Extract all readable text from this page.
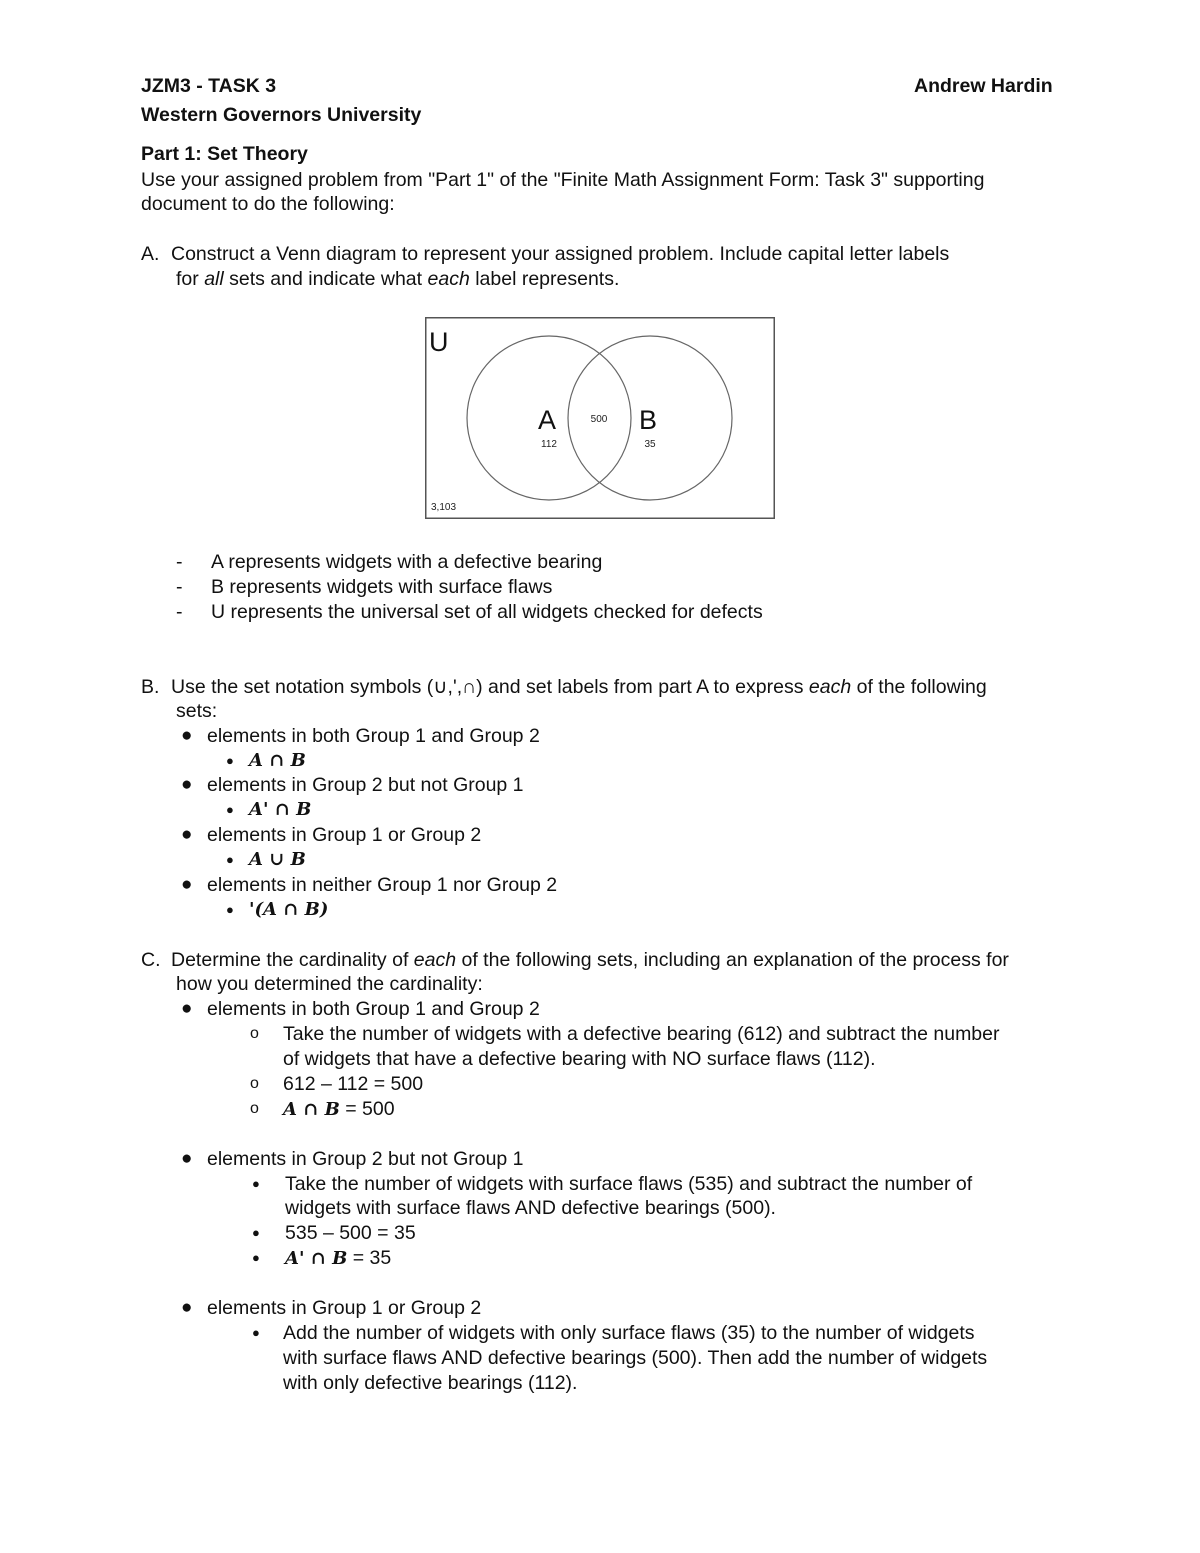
JZM3 - TASK 3	Andrew Hardin
Western Governors University
Part 1: Set Theory
Use your assigned problem from "Part 1" of the "Finite Math Assignment Form: Task 3" supporting
document to do the following:
A. Construct a Venn diagram to represent your assigned problem. Include capital letter labels
for all sets and indicate what each label represents.
U
A	B
112
500
35
3,103
- A represents widgets with a defective bearing
- B represents widgets with surface flaws
- U represents the universal set of all widgets checked for defects
B. Use the set notation symbols (∪,',∩) and set labels from part A to express each of the following
sets:
● elements in both Group 1 and Group 2
● A ∩ B
● elements in Group 2 but not Group 1
● A' ∩ B
● elements in Group 1 or Group 2
● A ∪ B
● elements in neither Group 1 nor Group 2
● '(A ∩ B)
C. Determine the cardinality of each of the following sets, including an explanation of the process for
how you determined the cardinality:
● elements in both Group 1 and Group 2
o Take the number of widgets with a defective bearing (612) and subtract the number
of widgets that have a defective bearing with NO surface flaws (112).
o 612 – 112 = 500
o A ∩ B = 500
● elements in Group 2 but not Group 1
● Take the number of widgets with surface flaws (535) and subtract the number of
widgets with surface flaws AND defective bearings (500).
● 535 – 500 = 35
● A' ∩ B = 35
● elements in Group 1 or Group 2
● Add the number of widgets with only surface flaws (35) to the number of widgets
with surface flaws AND defective bearings (500). Then add the number of widgets
with only defective bearings (112).
